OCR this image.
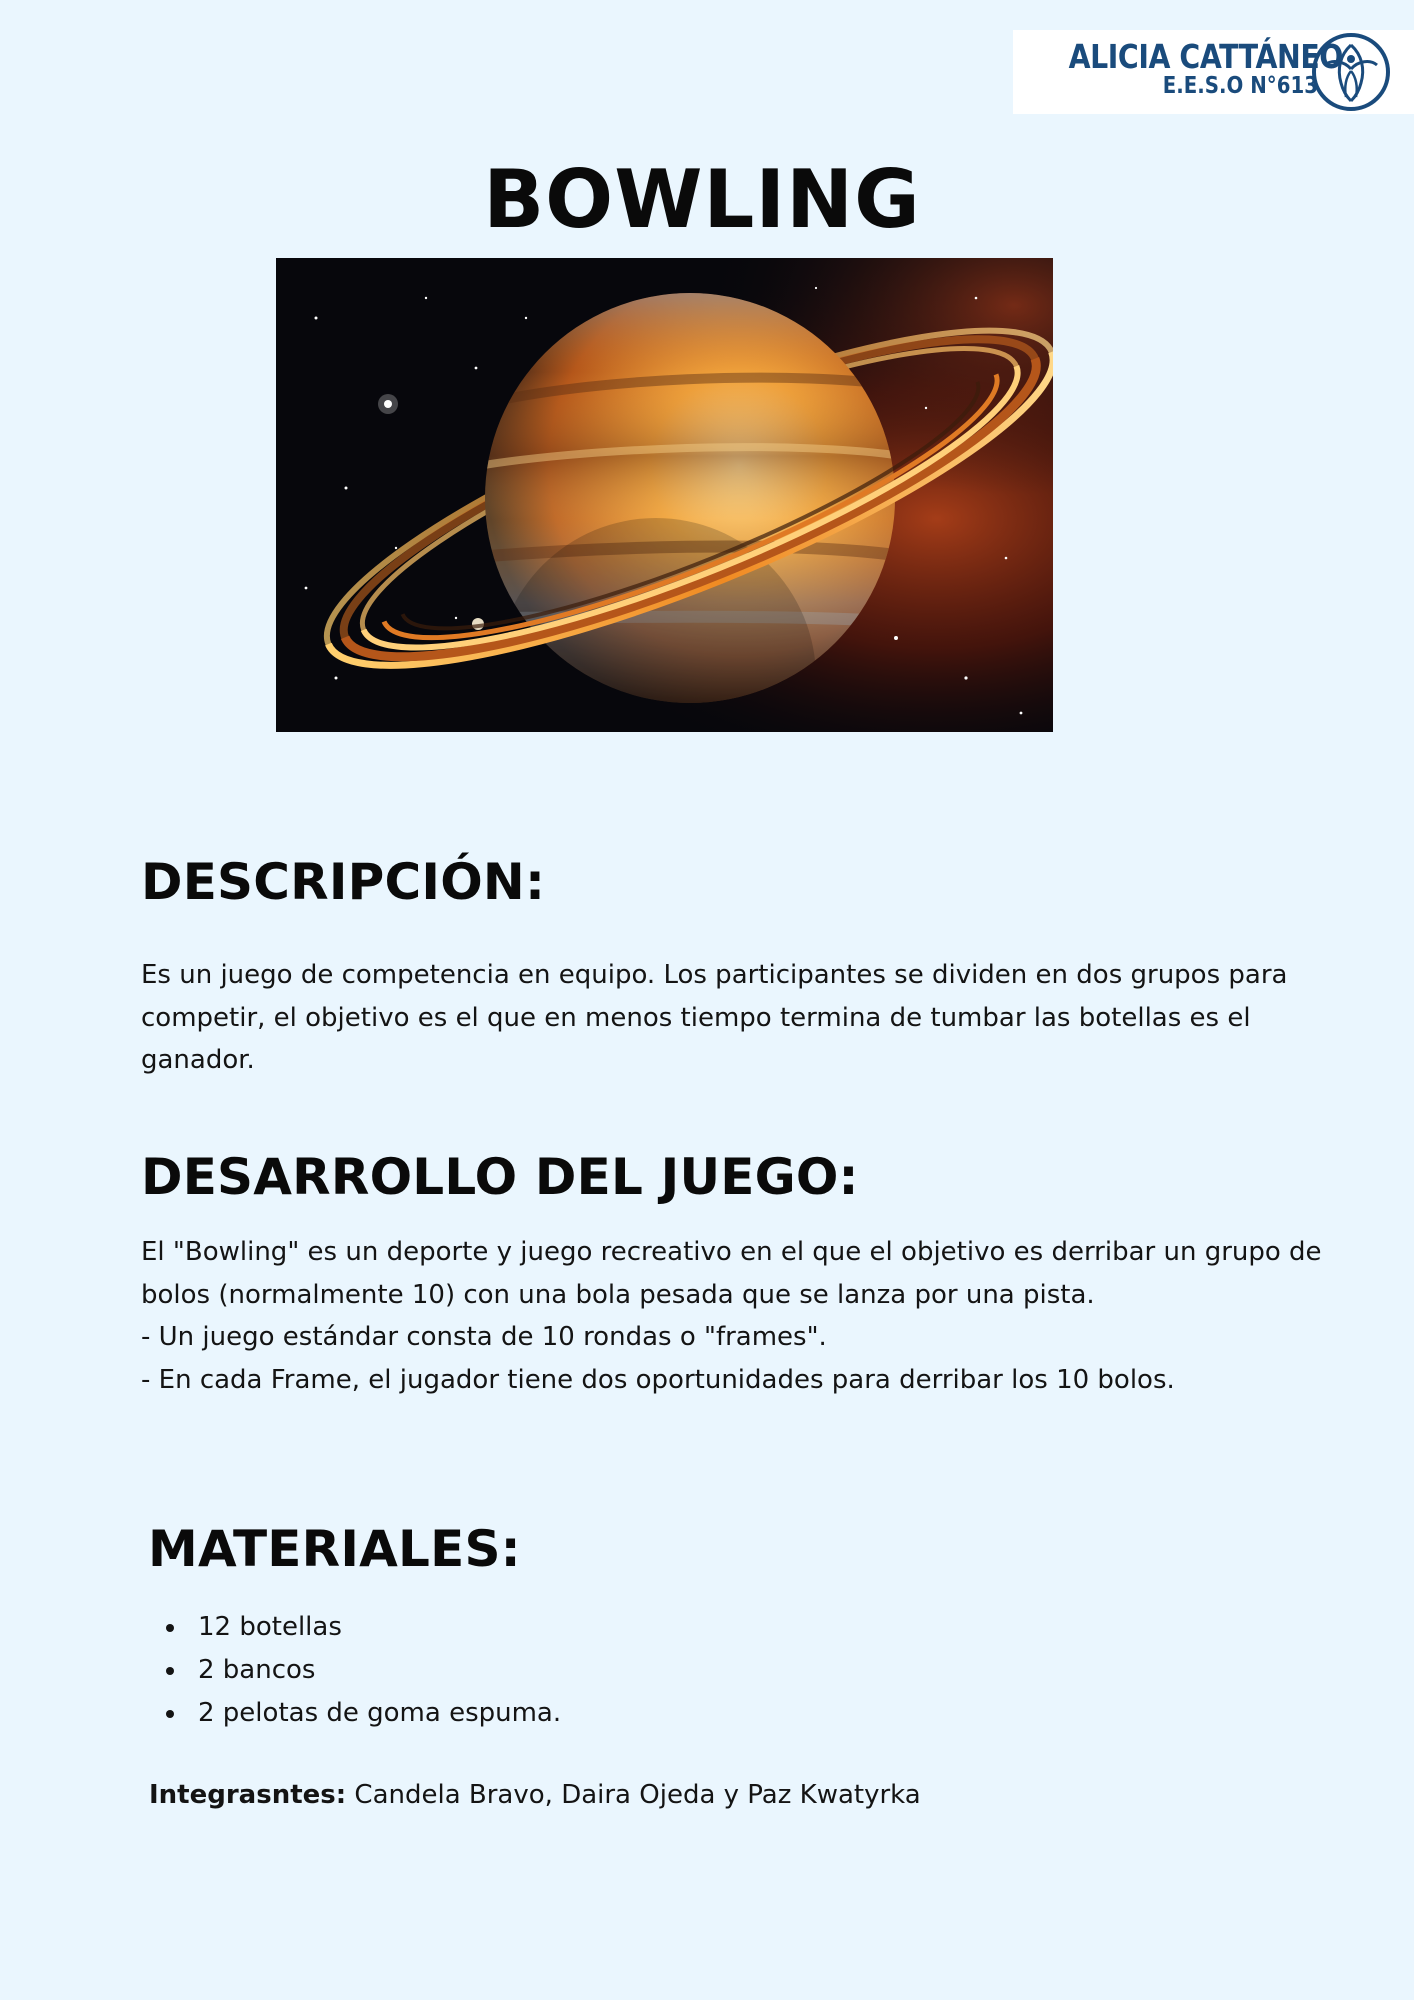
ALICIA CATTÁNEO
E.E.S.O N°613
BOWLING
DESCRIPCIÓN:
Es un juego de competencia en equipo. Los participantes se dividen en dos grupos para
competir, el objetivo es el que en menos tiempo termina de tumbar las botellas es el
ganador.
DESARROLLO DEL JUEGO:
El "Bowling" es un deporte y juego recreativo en el que el objetivo es derribar un grupo de
bolos (normalmente 10) con una bola pesada que se lanza por una pista.
- Un juego estándar consta de 10 rondas o "frames".
- En cada Frame, el jugador tiene dos oportunidades para derribar los 10 bolos.
MATERIALES:
12 botellas
2 bancos
2 pelotas de goma espuma.
Integrasntes: Candela Bravo, Daira Ojeda y Paz Kwatyrka
